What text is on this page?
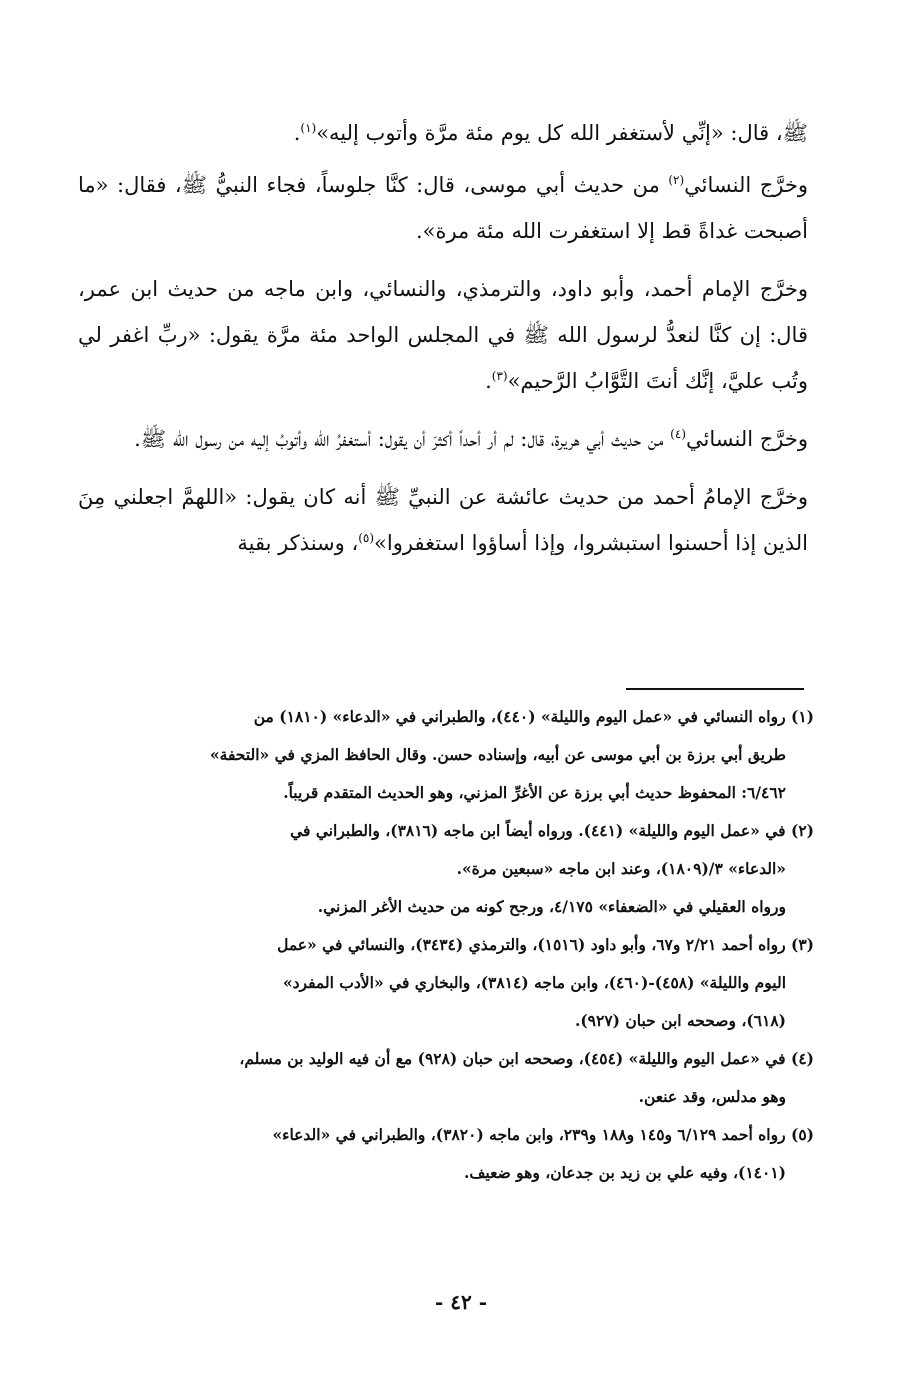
ﷺ، قال: «إنِّي لأستغفر الله كل يوم مئة مرَّة وأتوب إليه»$^{(١)}$.

وخرَّج النسائي$^{(٢)}$ من حديث أبي موسى، قال: كنَّا جلوساً، فجاء النبيُّ ﷺ، فقال: «ما أصبحت غداةً قط إلا استغفرت الله مئة مرة».

وخرَّج الإمام أحمد، وأبو داود، والترمذي، والنسائي، وابن ماجه من حديث ابن عمر، قال: إن كنَّا لنعدُّ لرسول الله ﷺ في المجلس الواحد مئة مرَّة يقول: «ربِّ اغفر لي وتُب عليَّ، إنَّك أنتَ التَّوَّابُ الرَّحيم»$^{(٣)}$.

وخرَّج النسائي$^{(٤)}$ من حديث أبي هريرة، قال: لم أر أحداً أكثرَ أن يقول: أستغفرُ الله وأتوبُ إليه من رسول الله ﷺ.

وخرَّج الإمامُ أحمد من حديث عائشة عن النبيِّ ﷺ أنه كان يقول: «اللهمَّ اجعلني مِنَ الذين إذا أحسنوا استبشروا، وإذا أساؤوا استغفروا»$^{(٥)}$، وسنذكر بقية

(١) رواه النسائي في «عمل اليوم والليلة» (٤٤٠)، والطبراني في «الدعاء» (١٨١٠) من
طريق أبي برزة بن أبي موسى عن أبيه، وإسناده حسن. وقال الحافظ المزي في «التحفة»
٦/٤٦٢: المحفوظ حديث أبي برزة عن الأغرِّ المزني، وهو الحديث المتقدم قريباً.

(٢) في «عمل اليوم والليلة» (٤٤١). ورواه أيضاً ابن ماجه (٣٨١٦)، والطبراني في
«الدعاء» ٣/(١٨٠٩)، وعند ابن ماجه «سبعين مرة».

ورواه العقيلي في «الضعفاء» ٤/١٧٥، ورجح كونه من حديث الأغر المزني.

(٣) رواه أحمد ٢/٢١ و٦٧، وأبو داود (١٥١٦)، والترمذي (٣٤٣٤)، والنسائي في «عمل
اليوم والليلة» (٤٥٨)-(٤٦٠)، وابن ماجه (٣٨١٤)، والبخاري في «الأدب المفرد»
(٦١٨)، وصححه ابن حبان (٩٢٧).

(٤) في «عمل اليوم والليلة» (٤٥٤)، وصححه ابن حبان (٩٢٨) مع أن فيه الوليد بن مسلم،
وهو مدلس، وقد عنعن.

(٥) رواه أحمد ٦/١٢٩ و١٤٥ و١٨٨ و٢٣٩، وابن ماجه (٣٨٢٠)، والطبراني في «الدعاء»
(١٤٠١)، وفيه علي بن زيد بن جدعان، وهو ضعيف.

- ٤٢ -
